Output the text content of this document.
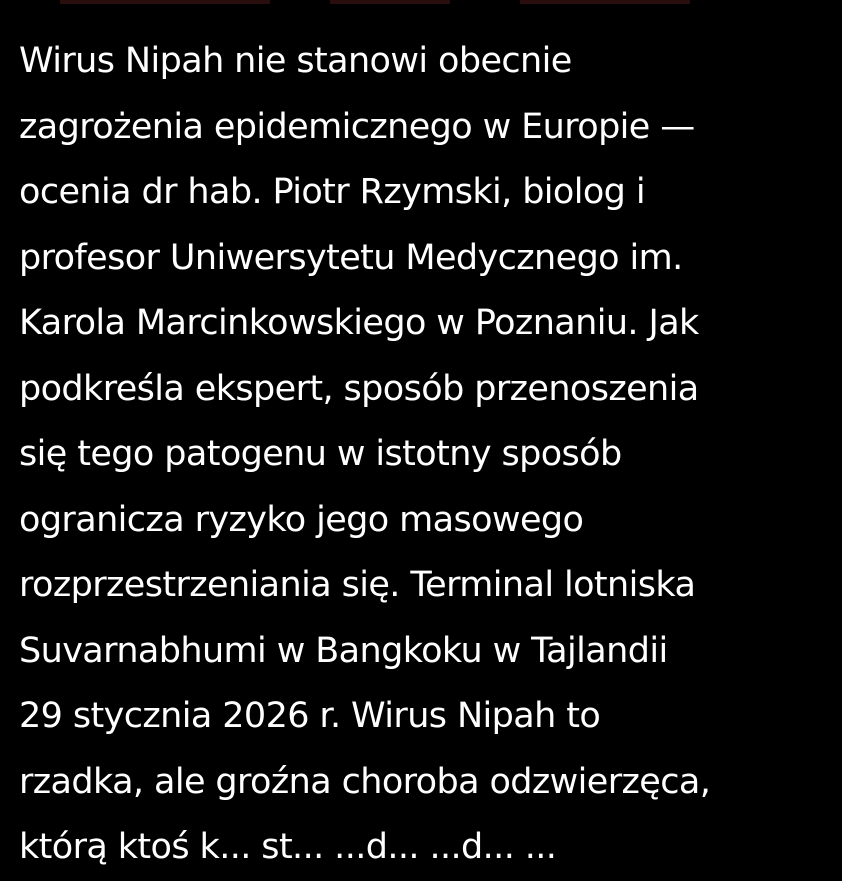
Wirus Nipah nie stanowi obecnie
zagrożenia epidemicznego w Europie —
ocenia dr hab. Piotr Rzymski, biolog i
profesor Uniwersytetu Medycznego im.
Karola Marcinkowskiego w Poznaniu. Jak
podkreśla ekspert, sposób przenoszenia
się tego patogenu w istotny sposób
ogranicza ryzyko jego masowego
rozprzestrzeniania się. Terminal lotniska
Suvarnabhumi w Bangkoku w Tajlandii
29 stycznia 2026 r. Wirus Nipah to
rzadka, ale groźna choroba odzwierzęca,
którą ktoś k... st... ...d... ...d... ...
